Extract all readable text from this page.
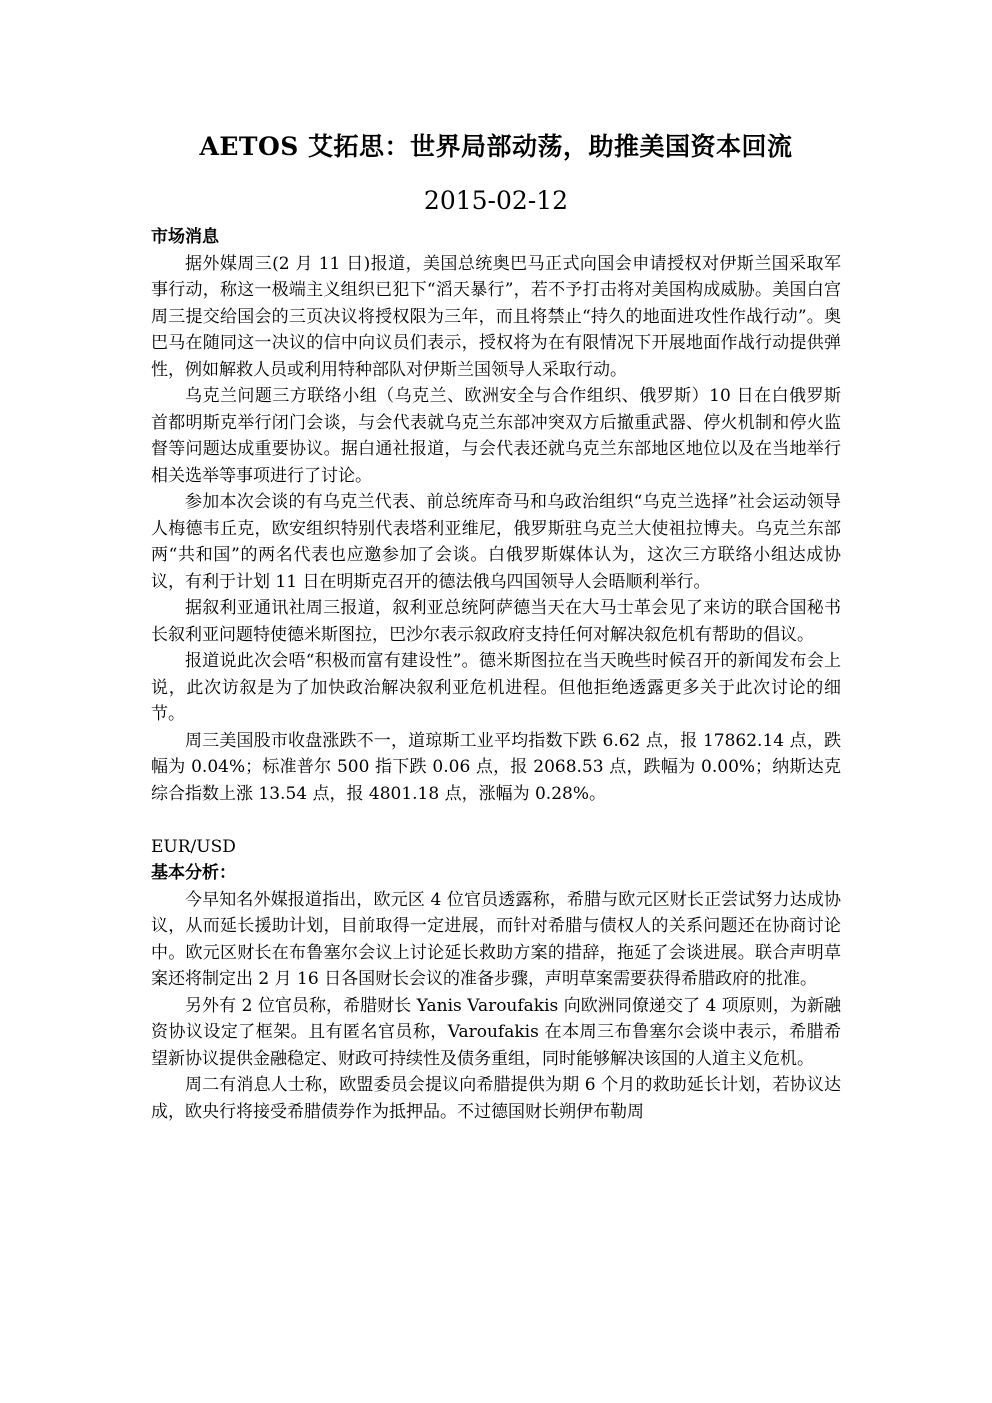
AETOS 艾拓思：世界局部动荡，助推美国资本回流
2015-02-12

市场消息

据外媒周三(2 月 11 日)报道，美国总统奥巴马正式向国会申请授权对伊斯兰国采取军事行动，称这一极端主义组织已犯下“滔天暴行”，若不予打击将对美国构成威胁。美国白宫周三提交给国会的三页决议将授权限为三年，而且将禁止“持久的地面进攻性作战行动”。奥巴马在随同这一决议的信中向议员们表示，授权将为在有限情况下开展地面作战行动提供弹性，例如解救人员或利用特种部队对伊斯兰国领导人采取行动。

乌克兰问题三方联络小组（乌克兰、欧洲安全与合作组织、俄罗斯）10 日在白俄罗斯首都明斯克举行闭门会谈，与会代表就乌克兰东部冲突双方后撤重武器、停火机制和停火监督等问题达成重要协议。据白通社报道，与会代表还就乌克兰东部地区地位以及在当地举行相关选举等事项进行了讨论。

参加本次会谈的有乌克兰代表、前总统库奇马和乌政治组织“乌克兰选择”社会运动领导人梅德韦丘克，欧安组织特别代表塔利亚维尼，俄罗斯驻乌克兰大使祖拉博夫。乌克兰东部两“共和国”的两名代表也应邀参加了会谈。白俄罗斯媒体认为，这次三方联络小组达成协议，有利于计划 11 日在明斯克召开的德法俄乌四国领导人会晤顺利举行。

据叙利亚通讯社周三报道，叙利亚总统阿萨德当天在大马士革会见了来访的联合国秘书长叙利亚问题特使德米斯图拉，巴沙尔表示叙政府支持任何对解决叙危机有帮助的倡议。

报道说此次会唔“积极而富有建设性”。德米斯图拉在当天晚些时候召开的新闻发布会上说，此次访叙是为了加快政治解决叙利亚危机进程。但他拒绝透露更多关于此次讨论的细节。

周三美国股市收盘涨跌不一，道琼斯工业平均指数下跌 6.62 点，报 17862.14 点，跌幅为 0.04%；标准普尔 500 指下跌 0.06 点，报 2068.53 点，跌幅为 0.00%；纳斯达克综合指数上涨 13.54 点，报 4801.18 点，涨幅为 0.28%。

EUR/USD

基本分析：

今早知名外媒报道指出，欧元区 4 位官员透露称，希腊与欧元区财长正尝试努力达成协议，从而延长援助计划，目前取得一定进展，而针对希腊与债权人的关系问题还在协商讨论中。欧元区财长在布鲁塞尔会议上讨论延长救助方案的措辞，拖延了会谈进展。联合声明草案还将制定出 2 月 16 日各国财长会议的准备步骤，声明草案需要获得希腊政府的批准。

另外有 2 位官员称，希腊财长 Yanis Varoufakis 向欧洲同僚递交了 4 项原则，为新融资协议设定了框架。且有匿名官员称，Varoufakis 在本周三布鲁塞尔会谈中表示，希腊希望新协议提供金融稳定、财政可持续性及债务重组，同时能够解决该国的人道主义危机。

周二有消息人士称，欧盟委员会提议向希腊提供为期 6 个月的救助延长计划，若协议达成，欧央行将接受希腊债券作为抵押品。不过德国财长朔伊布勒周
